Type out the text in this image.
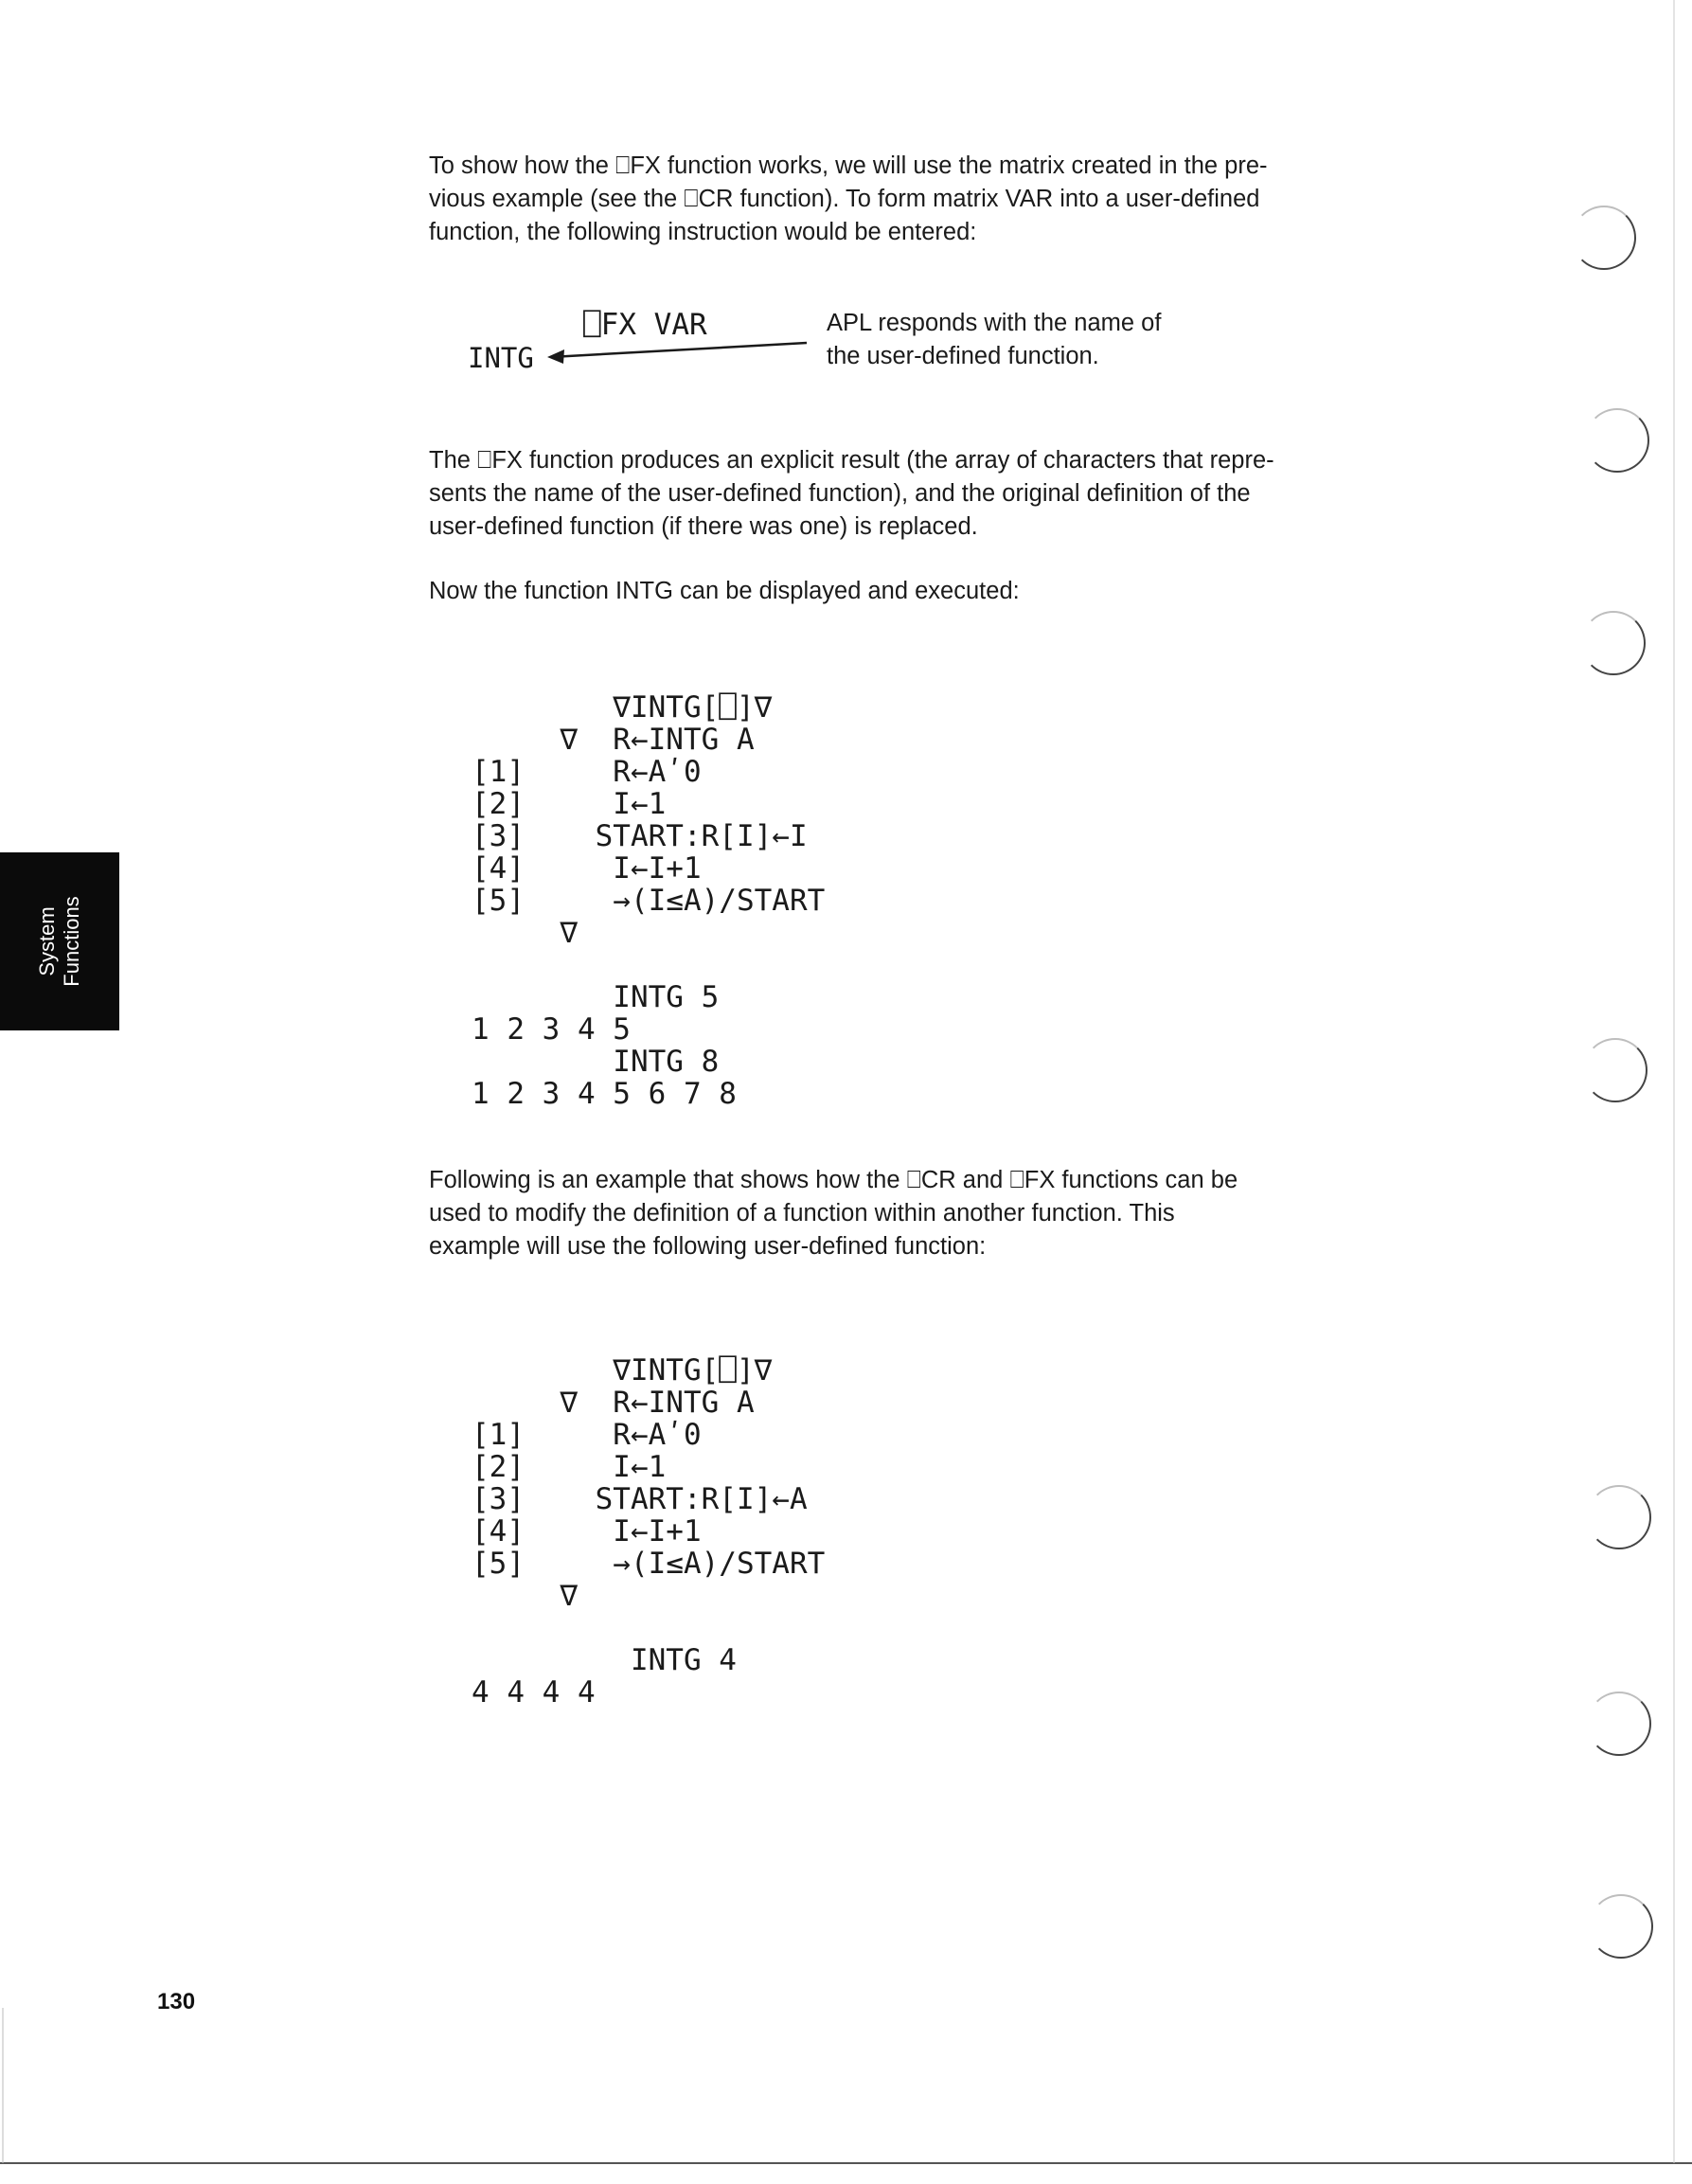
System Functions
To show how the ⎕FX function works, we will use the matrix created in the pre-
vious example (see the ⎕CR function). To form matrix VAR into a user-defined
function, the following instruction would be entered:
⎕FX VAR
INTG
APL responds with the name of
the user-defined function.
The ⎕FX function produces an explicit result (the array of characters that repre-
sents the name of the user-defined function), and the original definition of the
user-defined function (if there was one) is replaced.
Now the function INTG can be displayed and executed:

∇INTG[⎕]∇
∇  R←INTG A
[1]     R←Aʹ0
[2]     I←1
[3]    START:R[I]←I
[4]     I←I+1
[5]     →(I≤A)/START
∇

INTG 5
1 2 3 4 5
INTG 8
1 2 3 4 5 6 7 8

Following is an example that shows how the ⎕CR and ⎕FX functions can be
used to modify the definition of a function within another function. This
example will use the following user-defined function:

∇INTG[⎕]∇
∇  R←INTG A
[1]     R←Aʹ0
[2]     I←1
[3]    START:R[I]←A
[4]     I←I+1
[5]     →(I≤A)/START
∇

INTG 4
4 4 4 4

130
